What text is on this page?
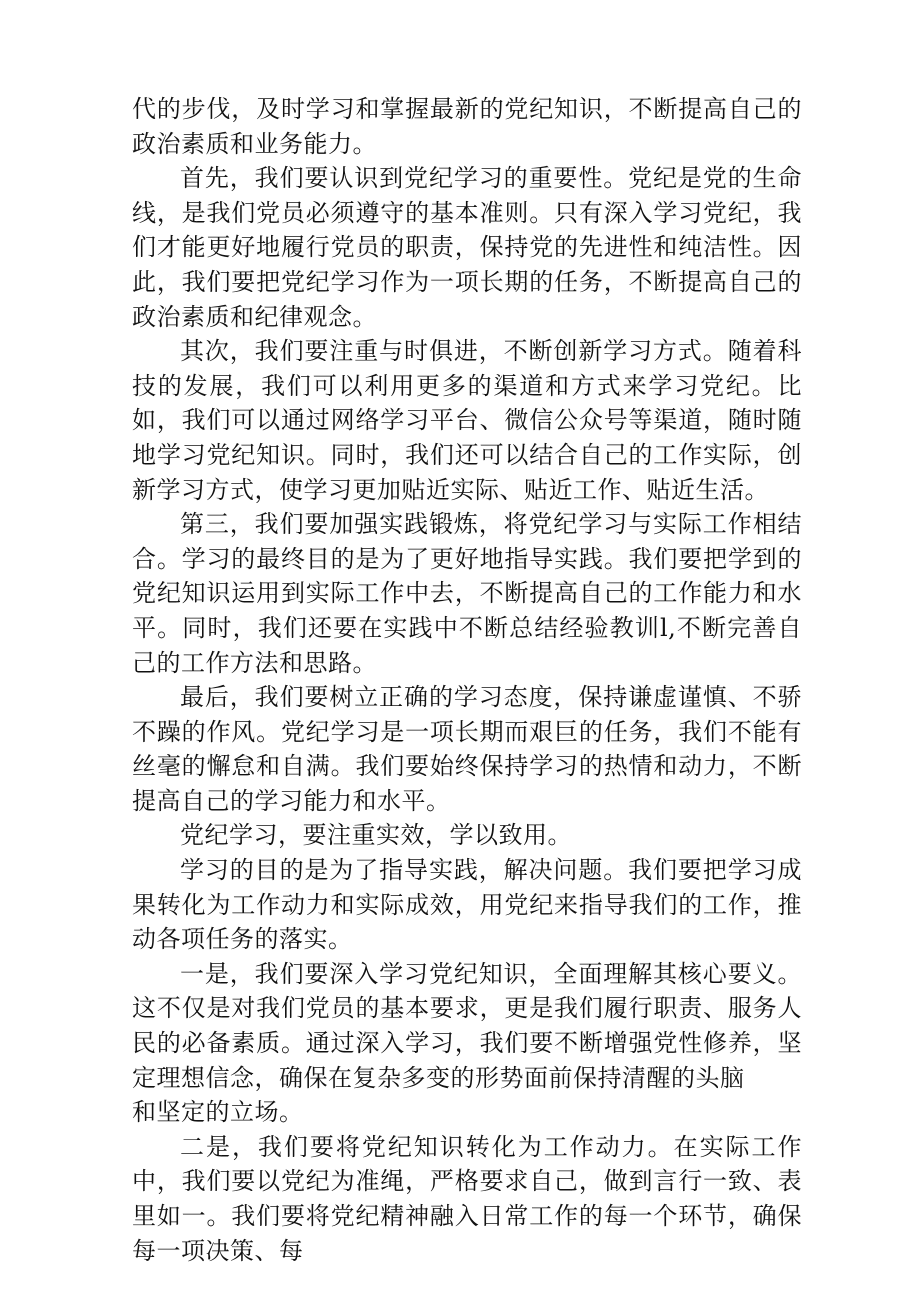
代的步伐，及时学习和掌握最新的党纪知识，不断提高自己的政治素质和业务能力。

首先，我们要认识到党纪学习的重要性。党纪是党的生命线，是我们党员必须遵守的基本准则。只有深入学习党纪，我们才能更好地履行党员的职责，保持党的先进性和纯洁性。因此，我们要把党纪学习作为一项长期的任务，不断提高自己的政治素质和纪律观念。

其次，我们要注重与时俱进，不断创新学习方式。随着科技的发展，我们可以利用更多的渠道和方式来学习党纪。比如，我们可以通过网络学习平台、微信公众号等渠道，随时随地学习党纪知识。同时，我们还可以结合自己的工作实际，创新学习方式，使学习更加贴近实际、贴近工作、贴近生活。

第三，我们要加强实践锻炼，将党纪学习与实际工作相结合。学习的最终目的是为了更好地指导实践。我们要把学到的党纪知识运用到实际工作中去，不断提高自己的工作能力和水平。同时，我们还要在实践中不断总结经验教训l,不断完善自己的工作方法和思路。

最后，我们要树立正确的学习态度，保持谦虚谨慎、不骄不躁的作风。党纪学习是一项长期而艰巨的任务，我们不能有丝毫的懈怠和自满。我们要始终保持学习的热情和动力，不断提高自己的学习能力和水平。

党纪学习，要注重实效，学以致用。

学习的目的是为了指导实践，解决问题。我们要把学习成果转化为工作动力和实际成效，用党纪来指导我们的工作，推动各项任务的落实。

一是，我们要深入学习党纪知识，全面理解其核心要义。这不仅是对我们党员的基本要求，更是我们履行职责、服务人民的必备素质。通过深入学习，我们要不断增强党性修养，坚定理想信念，确保在复杂多变的形势面前保持清醒的头脑

和坚定的立场。

二是，我们要将党纪知识转化为工作动力。在实际工作中，我们要以党纪为准绳，严格要求自己，做到言行一致、表里如一。我们要将党纪精神融入日常工作的每一个环节，确保每一项决策、每
